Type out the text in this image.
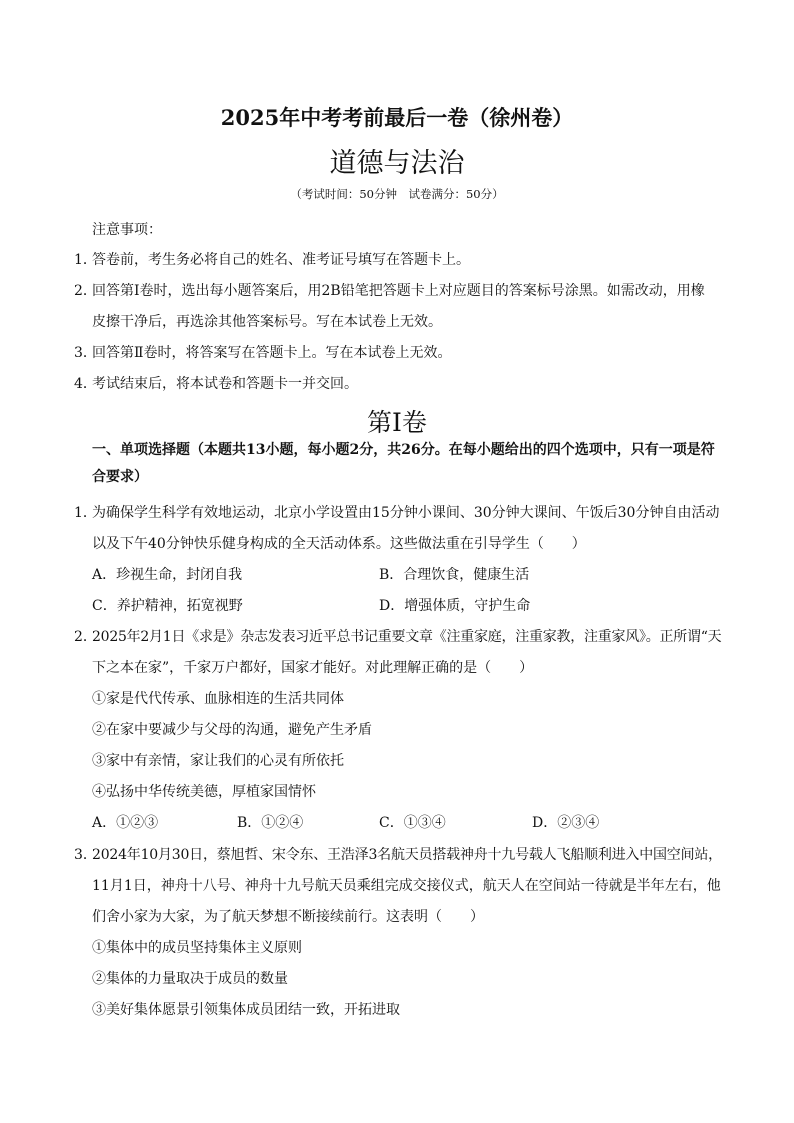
2025年中考考前最后一卷（徐州卷）
道德与法治
（考试时间：50分钟　试卷满分：50分）
注意事项：
1．
答卷前，考生务必将自己的姓名、准考证号填写在答题卡上。
2．
回答第Ⅰ卷时，选出每小题答案后，用2B铅笔把答题卡上对应题目的答案标号涂黑。如需改动，用橡
皮擦干净后，再选涂其他答案标号。写在本试卷上无效。
3．
回答第Ⅱ卷时，将答案写在答题卡上。写在本试卷上无效。
4．
考试结束后，将本试卷和答题卡一并交回。
第Ⅰ卷
一、单项选择题（本题共13小题，每小题2分，共26分。在每小题给出的四个选项中，只有一项是符
合要求）
1．
为确保学生科学有效地运动，北京小学设置由15分钟小课间、30分钟大课间、午饭后30分钟自由活动
以及下午40分钟快乐健身构成的全天活动体系。这些做法重在引导学生（　　）
A．珍视生命，封闭自我	B．合理饮食，健康生活
C．养护精神，拓宽视野	D．增强体质，守护生命
2．
2025年2月1日《求是》杂志发表习近平总书记重要文章《注重家庭，注重家教，注重家风》。正所谓“天
下之本在家”，千家万户都好，国家才能好。对此理解正确的是（　　）
①家是代代传承、血脉相连的生活共同体
②在家中要减少与父母的沟通，避免产生矛盾
③家中有亲情，家让我们的心灵有所依托
④弘扬中华传统美德，厚植家国情怀
A．①②③	B．①②④	C．①③④	D．②③④
3．
2024年10月30日，蔡旭哲、宋令东、王浩泽3名航天员搭载神舟十九号载人飞船顺利进入中国空间站，
11月1日，神舟十八号、神舟十九号航天员乘组完成交接仪式，航天人在空间站一待就是半年左右，他
们舍小家为大家，为了航天梦想不断接续前行。这表明（　　）
①集体中的成员坚持集体主义原则
②集体的力量取决于成员的数量
③美好集体愿景引领集体成员团结一致，开拓进取
